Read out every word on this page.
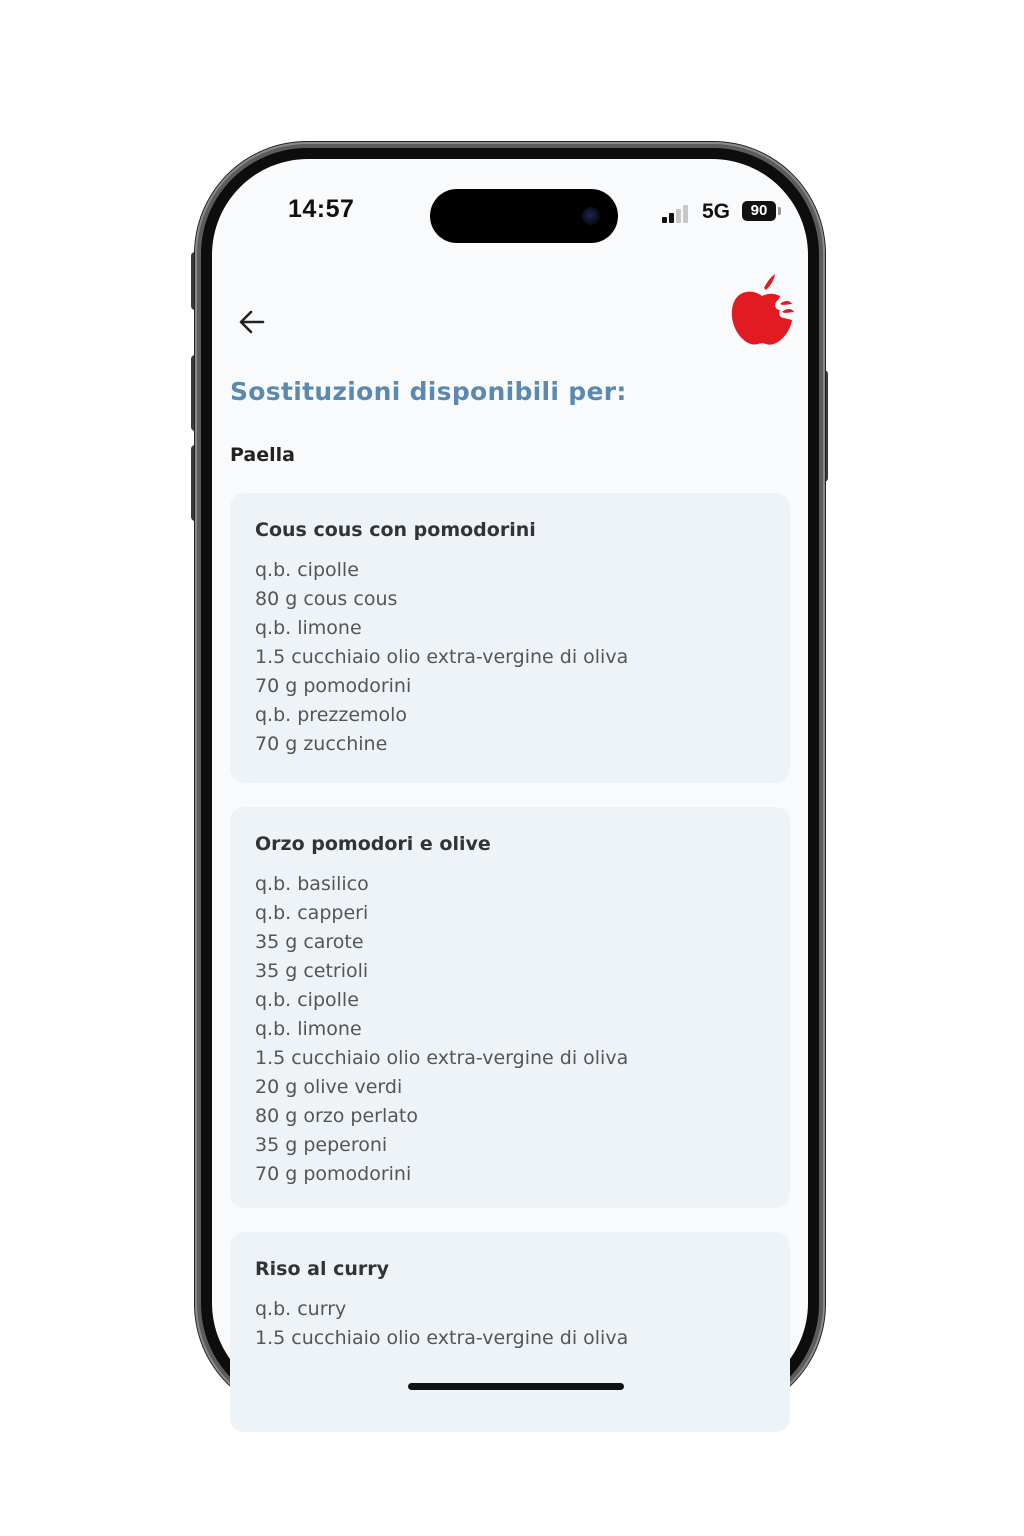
14:57	5G	90
Sostituzioni disponibili per:
Paella
Cous cous con pomodorini
q.b. cipolle
80 g cous cous
q.b. limone
1.5 cucchiaio olio extra-vergine di oliva
70 g pomodorini
q.b. prezzemolo
70 g zucchine
Orzo pomodori e olive
q.b. basilico
q.b. capperi
35 g carote
35 g cetrioli
q.b. cipolle
q.b. limone
1.5 cucchiaio olio extra-vergine di oliva
20 g olive verdi
80 g orzo perlato
35 g peperoni
70 g pomodorini
Riso al curry
q.b. curry
1.5 cucchiaio olio extra-vergine di oliva
